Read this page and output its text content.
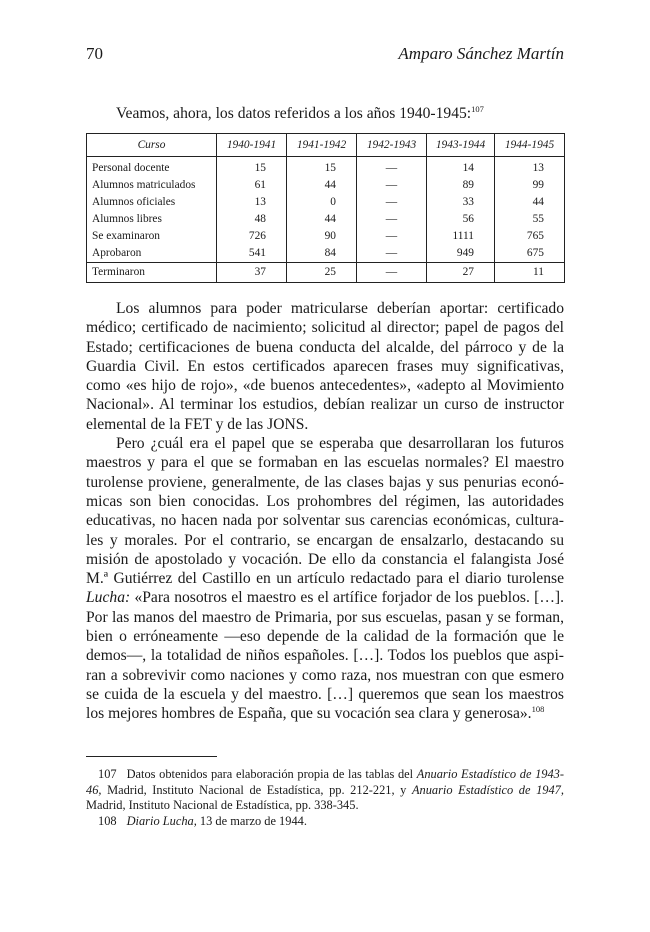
70	Amparo Sánchez Martín
Veamos, ahora, los datos referidos a los años 1940-1945:$^{107}$
Curso	1940-1941	1941-1942	1942-1943	1943-1944	1944-1945
Personal docente	15	15	—	14	13
Alumnos matriculados	61	44	—	89	99
Alumnos oficiales	13	0	—	33	44
Alumnos libres	48	44	—	56	55
Se examinaron	726	90	—	1111	765
Aprobaron	541	84	—	949	675
Terminaron	37	25	—	27	11

Los alumnos para poder matricularse deberían aportar: certificado médico; certificado de nacimiento; solicitud al director; papel de pagos del Estado; certificaciones de buena conducta del alcalde, del párroco y de la Guardia Civil. En estos certificados aparecen frases muy significativas, como «es hijo de rojo», «de buenos antecedentes», «adepto al Movimiento Nacional». Al terminar los estudios, debían realizar un curso de instructor elemental de la FET y de las JONS.

Pero ¿cuál era el papel que se esperaba que desarrollaran los futuros maestros y para el que se formaban en las escuelas normales? El maestro turolense proviene, generalmente, de las clases bajas y sus penurias económicas son bien conocidas. Los prohombres del régimen, las autoridades educativas, no hacen nada por solventar sus carencias económicas, culturales y morales. Por el contrario, se encargan de ensalzarlo, destacando su misión de apostolado y vocación. De ello da constancia el falangista José M.ª Gutiérrez del Castillo en un artículo redactado para el diario turolense Lucha: «Para nosotros el maestro es el artífice forjador de los pueblos. […]. Por las manos del maestro de Primaria, por sus escuelas, pasan y se forman, bien o erróneamente —eso depende de la calidad de la formación que le demos—, la totalidad de niños españoles. […]. Todos los pueblos que aspiran a sobrevivir como naciones y como raza, nos muestran con que esmero se cuida de la escuela y del maestro. […] queremos que sean los maestros los mejores hombres de España, que su vocación sea clara y generosa».$^{108}$

107 Datos obtenidos para elaboración propia de las tablas del Anuario Estadístico de 1943-46, Madrid, Instituto Nacional de Estadística, pp. 212-221, y Anuario Estadístico de 1947, Madrid, Instituto Nacional de Estadística, pp. 338-345.

108 Diario Lucha, 13 de marzo de 1944.
